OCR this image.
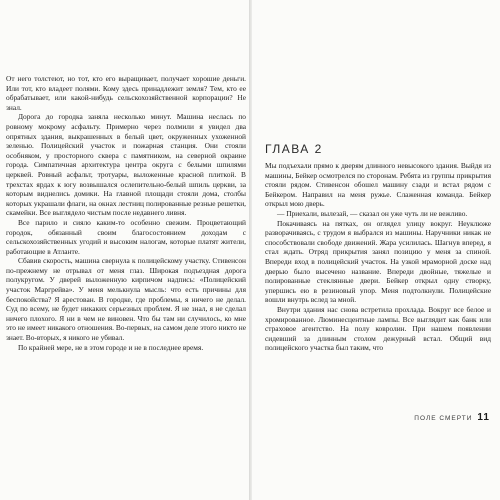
От него толстеют, но тот, кто его выращивает, получает хорошие деньги. Или тот, кто владеет полями. Кому здесь принадлежит земля? Тем, кто ее обрабатывает, или какой-нибудь сельскохозяйственной корпорации? Не знал.

Дорога до городка заняла несколько минут. Машина неслась по ровному мокрому асфальту. Примерно через полмили я увидел два опрятных здания, выкрашенных в белый цвет, окруженных ухоженной зеленью. Полицейский участок и пожарная станция. Они стояли особняком, у просторного сквера с памятником, на северной окраине города. Симпатичная архитектура центра округа с белыми шпилями церквей. Ровный асфальт, тротуары, выложенные красной плиткой. В трехстах ярдах к югу возвышался ослепительно-белый шпиль церкви, за которым виднелись домики. На главной площади стояли дома, столбы которых украшали флаги, на окнах лестниц полированные резные решетки, скамейки. Все выглядело чистым после недавнего ливня.

Все парило и сияло каким-то особенно свежим. Процветающий городок, обязанный своим благосостоянием доходам с сельскохозяйственных угодий и высоким налогам, которые платят жители, работающие в Атланте.

Сбавив скорость, машина свернула к полицейскому участку. Стивенсон по-прежнему не отрывал от меня глаз. Широкая подъездная дорога полукругом. У дверей выложенную кирпичом надпись: «Полицейский участок Маргрейва». У меня мелькнула мысль: что есть причины для беспокойства? Я арестован. В городке, где проблемы, я ничего не делал. Суд по всему, не будет никаких серьезных проблем. Я не знал, я не сделал ничего плохого. Я ни в чем не виновен. Что бы там ни случилось, ко мне это не имеет никакого отношения. Во-первых, на самом деле этого никто не знает. Во-вторых, я никого не убивал.

По крайней мере, не в этом городе и не в последнее время.

ГЛАВА 2

Мы подъехали прямо к дверям длинного невысокого здания. Выйдя из машины, Бейкер осмотрелся по сторонам. Ребята из группы прикрытия стояли рядом. Стивенсон обошел машину сзади и встал рядом с Бейкером. Направил на меня ружье. Слаженная команда. Бейкер открыл мою дверь.

— Приехали, вылезай, — сказал он уже чуть ли не вежливо.

Покачиваясь на пятках, он оглядел улицу вокруг. Неуклюже разворачиваясь, с трудом я выбрался из машины. Наручники никак не способствовали свободе движений. Жара усилилась. Шагнув вперед, я стал ждать. Отряд прикрытия занял позицию у меня за спиной. Впереди вход в полицейский участок. На узкой мраморной доске над дверью было высечено название. Впереди двойные, тяжелые и полированные стеклянные двери. Бейкер открыл одну створку, упершись ею в резиновый упор. Меня подтолкнули. Полицейские вошли внутрь вслед за мной.

Внутри здания нас снова встретила прохлада. Вокруг все белое и хромированное. Люминесцентные лампы. Все выглядит как банк или страховое агентство. На полу ковролин. При нашем появлении сидевший за длинным столом дежурный встал. Общий вид полицейского участка был таким, что

ПОЛЕ СМЕРТИ 11
